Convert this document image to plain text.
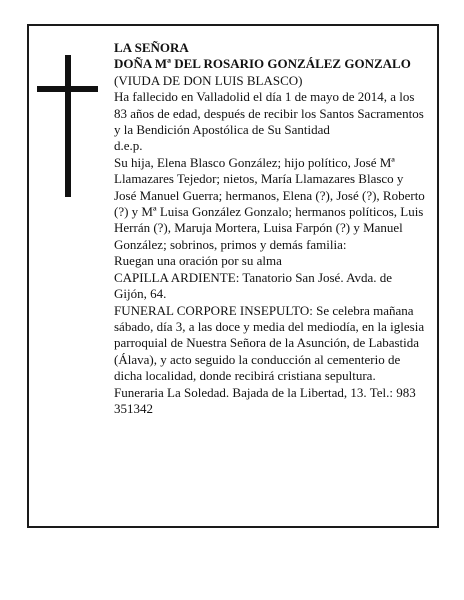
LA SEÑORA

DOÑA Mª DEL ROSARIO GONZÁLEZ GONZALO

(VIUDA DE DON LUIS BLASCO)

Ha fallecido en Valladolid el día 1 de mayo de 2014, a los 83 años de edad, después de recibir los Santos Sacramentos y la Bendición Apostólica de Su Santidad

d.e.p.

Su hija, Elena Blasco González; hijo político, José Mª Llamazares Tejedor; nietos, María Llamazares Blasco y José Manuel Guerra; hermanos, Elena (?), José (?), Roberto (?) y Mª Luisa González Gonzalo; hermanos políticos, Luis Herrán (?), Maruja Mortera, Luisa Farpón (?) y Manuel González; sobrinos, primos y demás familia:

Ruegan una oración por su alma

CAPILLA ARDIENTE: Tanatorio San José. Avda. de Gijón, 64.

FUNERAL CORPORE INSEPULTO: Se celebra mañana sábado, día 3, a las doce y media del mediodía, en la iglesia parroquial de Nuestra Señora de la Asunción, de Labastida (Álava), y acto seguido la conducción al cementerio de dicha localidad, donde recibirá cristiana sepultura.

Funeraria La Soledad. Bajada de la Libertad, 13. Tel.: 983 351342
